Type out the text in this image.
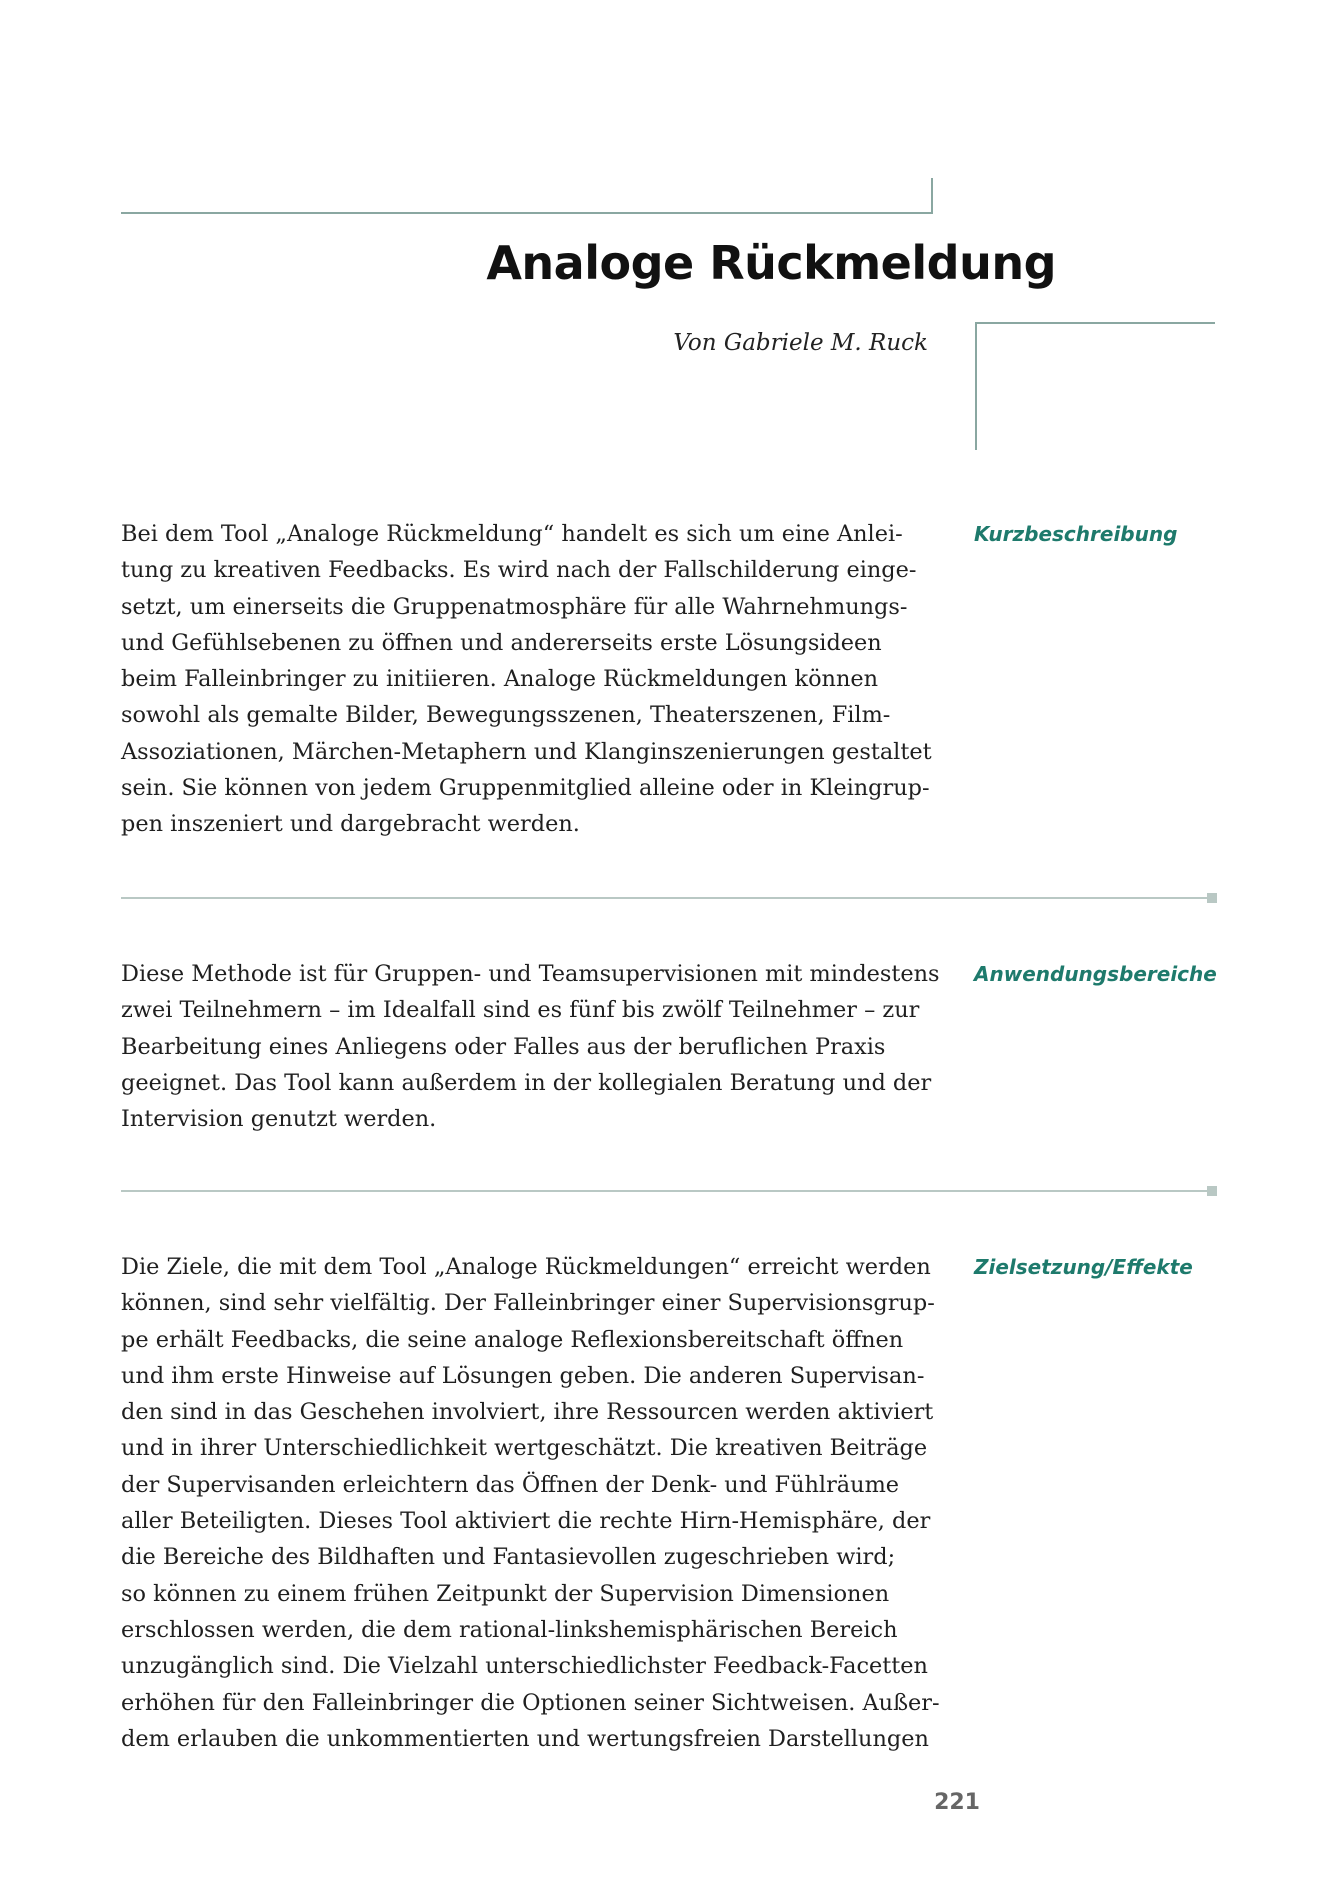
Analoge Rückmeldung
Von Gabriele M. Ruck
Bei dem Tool „Analoge Rückmeldung“ handelt es sich um eine Anlei-
tung zu kreativen Feedbacks. Es wird nach der Fallschilderung einge-
setzt, um einerseits die Gruppenatmosphäre für alle Wahrnehmungs-
und Gefühlsebenen zu öffnen und andererseits erste Lösungsideen
beim Falleinbringer zu initiieren. Analoge Rückmeldungen können
sowohl als gemalte Bilder, Bewegungsszenen, Theaterszenen, Film-
Assoziationen, Märchen-Metaphern und Klanginszenierungen gestaltet
sein. Sie können von jedem Gruppenmitglied alleine oder in Kleingrup-
pen inszeniert und dargebracht werden.
Kurzbeschreibung
Diese Methode ist für Gruppen- und Teamsupervisionen mit mindestens
zwei Teilnehmern – im Idealfall sind es fünf bis zwölf Teilnehmer – zur
Bearbeitung eines Anliegens oder Falles aus der beruflichen Praxis
geeignet. Das Tool kann außerdem in der kollegialen Beratung und der
Intervision genutzt werden.
Anwendungsbereiche
Die Ziele, die mit dem Tool „Analoge Rückmeldungen“ erreicht werden
können, sind sehr vielfältig. Der Falleinbringer einer Supervisionsgrup-
pe erhält Feedbacks, die seine analoge Reflexionsbereitschaft öffnen
und ihm erste Hinweise auf Lösungen geben. Die anderen Supervisan-
den sind in das Geschehen involviert, ihre Ressourcen werden aktiviert
und in ihrer Unterschiedlichkeit wertgeschätzt. Die kreativen Beiträge
der Supervisanden erleichtern das Öffnen der Denk- und Fühlräume
aller Beteiligten. Dieses Tool aktiviert die rechte Hirn-Hemisphäre, der
die Bereiche des Bildhaften und Fantasievollen zugeschrieben wird;
so können zu einem frühen Zeitpunkt der Supervision Dimensionen
erschlossen werden, die dem rational-linkshemisphärischen Bereich
unzugänglich sind. Die Vielzahl unterschiedlichster Feedback-Facetten
erhöhen für den Falleinbringer die Optionen seiner Sichtweisen. Außer-
dem erlauben die unkommentierten und wertungsfreien Darstellungen
Zielsetzung/Effekte
221
